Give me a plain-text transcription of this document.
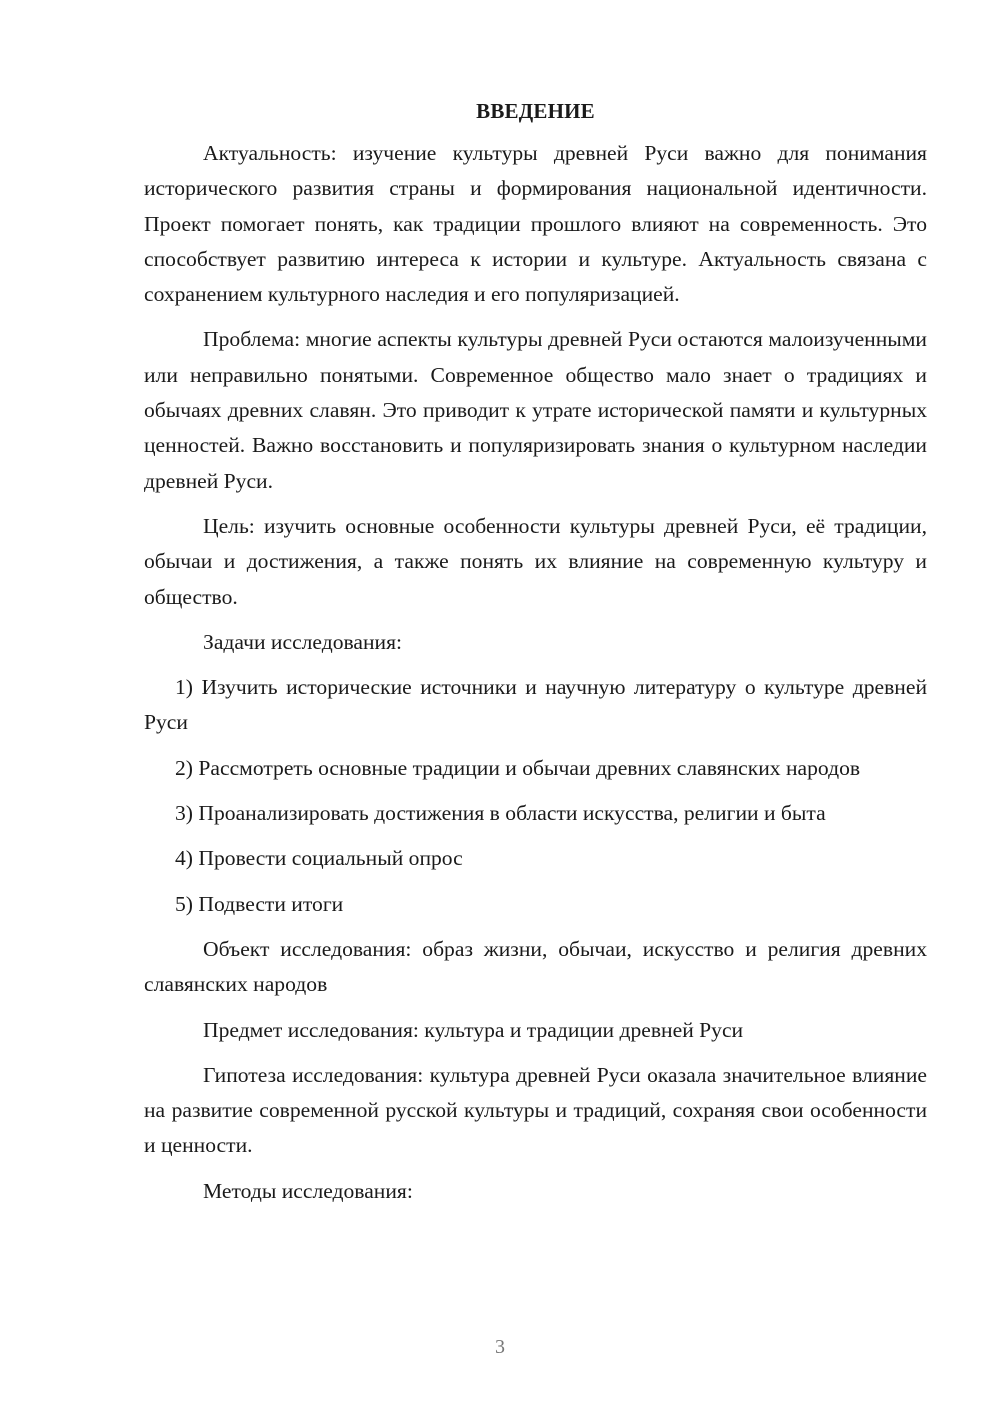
ВВЕДЕНИЕ

Актуальность: изучение культуры древней Руси важно для понимания исторического развития страны и формирования национальной идентичности. Проект помогает понять, как традиции прошлого влияют на современность. Это способствует развитию интереса к истории и культуре. Актуальность связана с сохранением культурного наследия и его популяризацией.

Проблема: многие аспекты культуры древней Руси остаются малоизученными или неправильно понятыми. Современное общество мало знает о традициях и обычаях древних славян. Это приводит к утрате исторической памяти и культурных ценностей. Важно восстановить и популяризировать знания о культурном наследии древней Руси.

Цель: изучить основные особенности культуры древней Руси, её традиции, обычаи и достижения, а также понять их влияние на современную культуру и общество.

Задачи исследования:

1) Изучить исторические источники и научную литературу о культуре древней Руси

2) Рассмотреть основные традиции и обычаи древних славянских народов

3) Проанализировать достижения в области искусства, религии и быта

4) Провести социальный опрос

5) Подвести итоги

Объект исследования: образ жизни, обычаи, искусство и религия древних славянских народов

Предмет исследования: культура и традиции древней Руси

Гипотеза исследования: культура древней Руси оказала значительное влияние на развитие современной русской культуры и традиций, сохраняя свои особенности и ценности.

Методы исследования:

3
